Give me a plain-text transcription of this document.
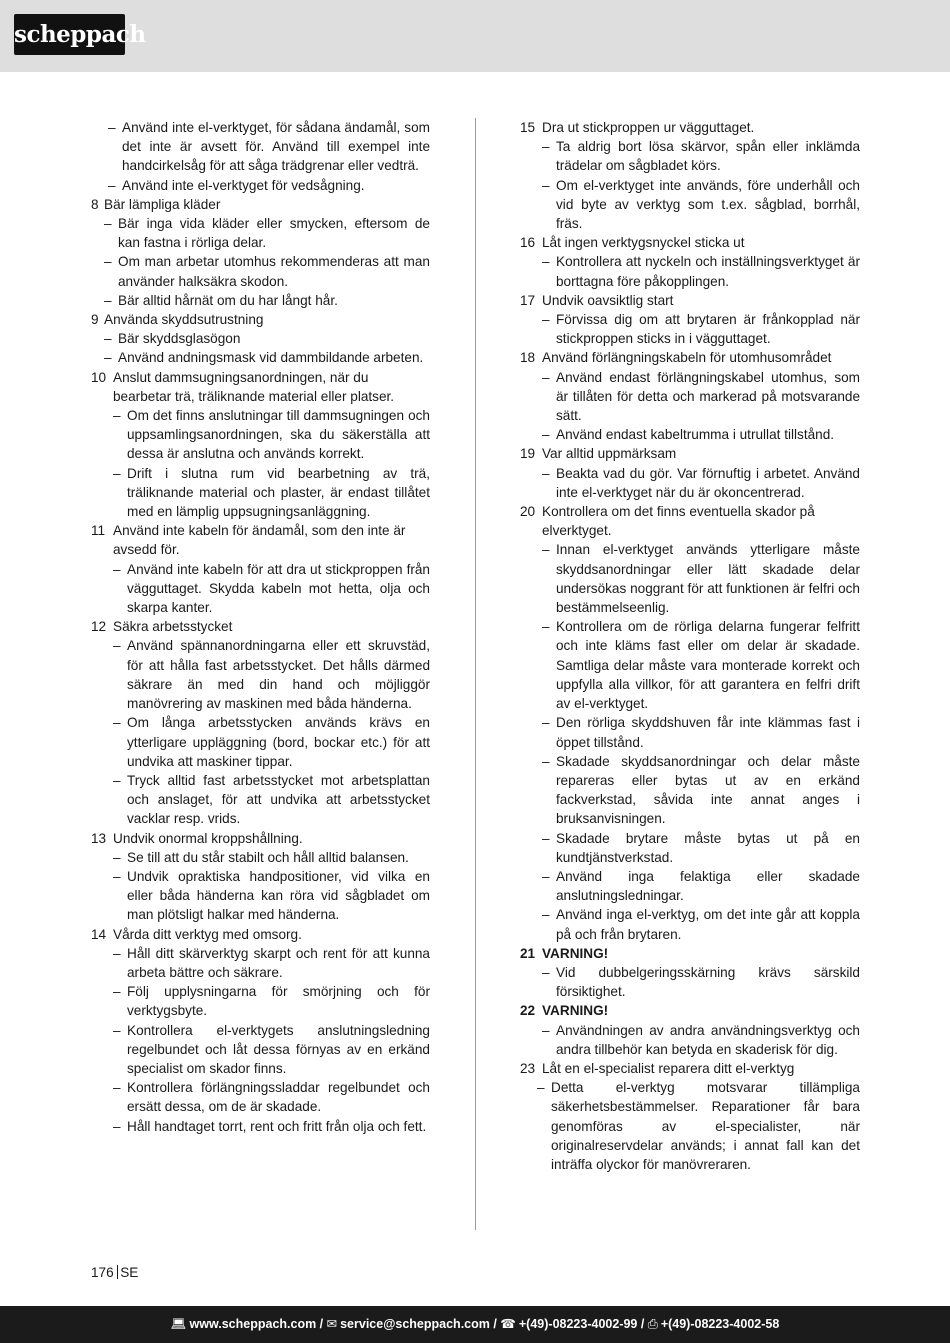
scheppach
– Använd inte el-verktyget, för sådana ändamål, som det inte är avsett för. Använd till exempel inte handcirkelsåg för att såga trädgrenar eller vedträ.
– Använd inte el-verktyget för vedsågning.
8 Bär lämpliga kläder
– Bär inga vida kläder eller smycken, eftersom de kan fastna i rörliga delar.
– Om man arbetar utomhus rekommenderas att man använder halksäkra skodon.
– Bär alltid hårnät om du har långt hår.
9 Använda skyddsutrustning
– Bär skyddsglasögon
– Använd andningsmask vid dammbildande arbeten.
10 Anslut dammsugningsanordningen, när du bearbetar trä, träliknande material eller platser.
– Om det finns anslutningar till dammsugningen och uppsamlingsanordningen, ska du säkerställa att dessa är anslutna och används korrekt.
– Drift i slutna rum vid bearbetning av trä, träliknande material och plaster, är endast tillåtet med en lämplig uppsugningsanläggning.
11 Använd inte kabeln för ändamål, som den inte är avsedd för.
– Använd inte kabeln för att dra ut stickproppen från vägguttaget. Skydda kabeln mot hetta, olja och skarpa kanter.
12 Säkra arbetsstycket
– Använd spännanordningarna eller ett skruvstäd, för att hålla fast arbetsstycket. Det hålls därmed säkrare än med din hand och möjliggör manövrering av maskinen med båda händerna.
– Om långa arbetsstycken används krävs en ytterligare uppläggning (bord, bockar etc.) för att undvika att maskiner tippar.
– Tryck alltid fast arbetsstycket mot arbetsplattan och anslaget, för att undvika att arbetsstycket vacklar resp. vrids.
13 Undvik onormal kroppshållning.
– Se till att du står stabilt och håll alltid balansen.
– Undvik opraktiska handpositioner, vid vilka en eller båda händerna kan röra vid sågbladet om man plötsligt halkar med händerna.
14 Vårda ditt verktyg med omsorg.
– Håll ditt skärverktyg skarpt och rent för att kunna arbeta bättre och säkrare.
– Följ upplysningarna för smörjning och för verktygsbyte.
– Kontrollera el-verktygets anslutningsledning regelbundet och låt dessa förnyas av en erkänd specialist om skador finns.
– Kontrollera förlängningssladdar regelbundet och ersätt dessa, om de är skadade.
– Håll handtaget torrt, rent och fritt från olja och fett.
15 Dra ut stickproppen ur vägguttaget.
– Ta aldrig bort lösa skärvor, spån eller inklämda trädelar om sågbladet körs.
– Om el-verktyget inte används, före underhåll och vid byte av verktyg som t.ex. sågblad, borrhål, fräs.
16 Låt ingen verktygsnyckel sticka ut
– Kontrollera att nyckeln och inställningsverktyget är borttagna före påkopplingen.
17 Undvik oavsiktlig start
– Förvissa dig om att brytaren är frånkopplad när stickproppen sticks in i vägguttaget.
18 Använd förlängningskabeln för utomhusområdet
– Använd endast förlängningskabel utomhus, som är tillåten för detta och markerad på motsvarande sätt.
– Använd endast kabeltrumma i utrullat tillstånd.
19 Var alltid uppmärksam
– Beakta vad du gör. Var förnuftig i arbetet. Använd inte el-verktyget när du är okoncentrerad.
20 Kontrollera om det finns eventuella skador på elverktyget.
– Innan el-verktyget används ytterligare måste skyddsanordningar eller lätt skadade delar undersökas noggrant för att funktionen är felfri och bestämmelseenlig.
– Kontrollera om de rörliga delarna fungerar felfritt och inte kläms fast eller om delar är skadade. Samtliga delar måste vara monterade korrekt och uppfylla alla villkor, för att garantera en felfri drift av el-verktyget.
– Den rörliga skyddshuven får inte klämmas fast i öppet tillstånd.
– Skadade skyddsanordningar och delar måste repareras eller bytas ut av en erkänd fackverkstad, såvida inte annat anges i bruksanvisningen.
– Skadade brytare måste bytas ut på en kundtjänstverkstad.
– Använd inga felaktiga eller skadade anslutningsledningar.
– Använd inga el-verktyg, om det inte går att koppla på och från brytaren.
21 VARNING!
– Vid dubbelgeringsskärning krävs särskild försiktighet.
22 VARNING!
– Användningen av andra användningsverktyg och andra tillbehör kan betyda en skaderisk för dig.
23 Låt en el-specialist reparera ditt el-verktyg
– Detta el-verktyg motsvarar tillämpliga säkerhetsbestämmelser. Reparationer får bara genomföras av el-specialister, när originalreservdelar används; i annat fall kan det inträffa olyckor för manövreraren.
176 SE
💻︎ www.scheppach.com / ✉︎ service@scheppach.com / ☎︎ +(49)-08223-4002-99 / ⎙︎ +(49)-08223-4002-58
